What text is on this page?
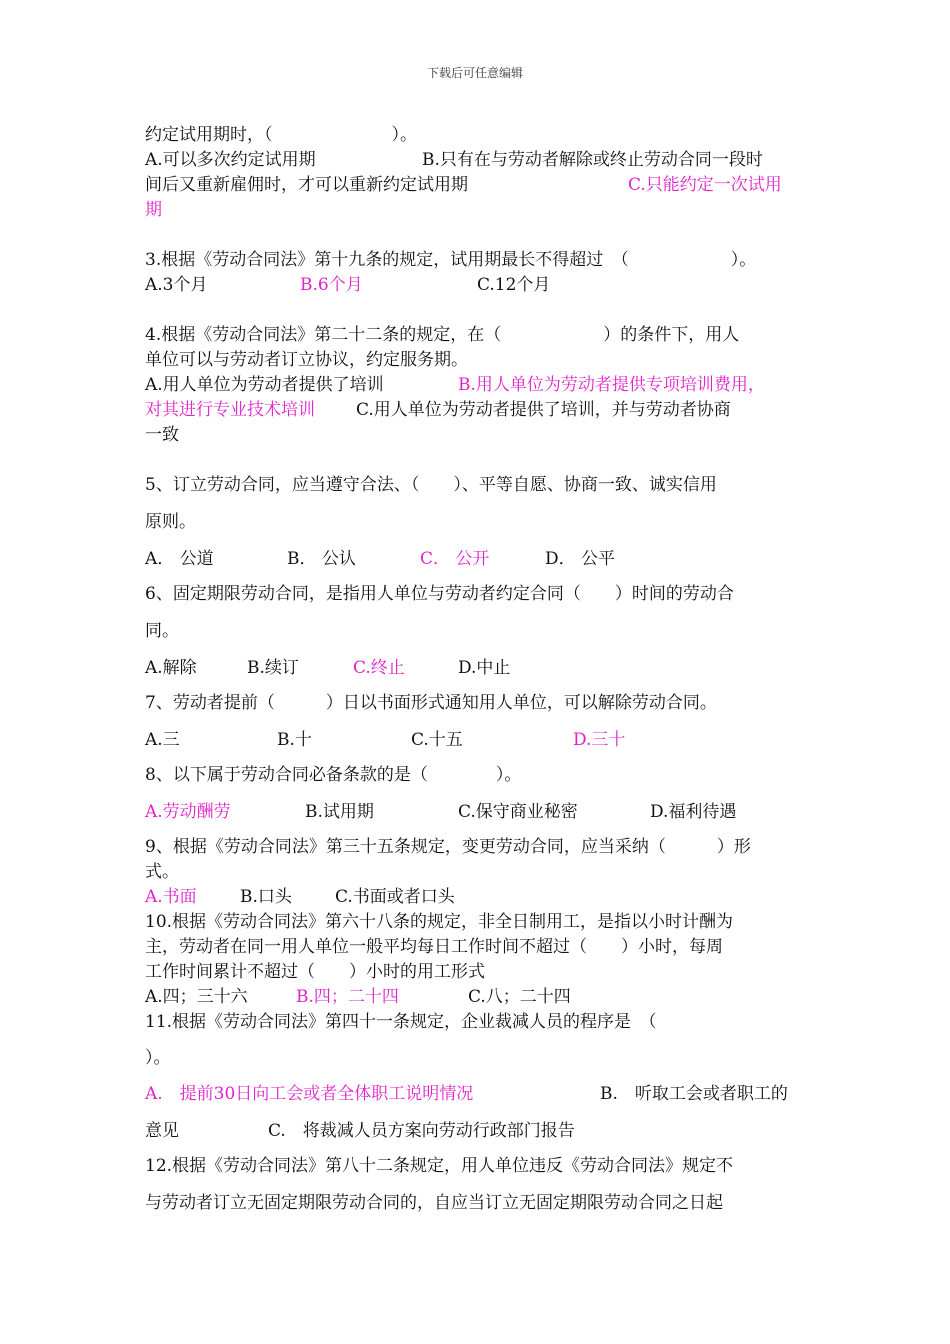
下载后可任意编辑
约定试用期时，（　　　　　　　）。
A.可以多次约定试用期	B.只有在与劳动者解除或终止劳动合同一段时
间后又重新雇佣时，才可以重新约定试用期	C.只能约定一次试用
期
3.根据《劳动合同法》第十九条的规定，试用期最长不得超过　（　　　　　　）。
A.3个月	B.6个月	C.12个月
4.根据《劳动合同法》第二十二条的规定，在（　　　　　　）的条件下，用人
单位可以与劳动者订立协议，约定服务期。
A.用人单位为劳动者提供了培训	B.用人单位为劳动者提供专项培训费用，
对其进行专业技术培训 C.用人单位为劳动者提供了培训，并与劳动者协商
一致
5、订立劳动合同，应当遵守合法、（　　）、平等自愿、协商一致、诚实信用
原则。
A． 公道	B． 公认	C． 公开	D． 公平
6、固定期限劳动合同，是指用人单位与劳动者约定合同（　　）时间的劳动合
同。
A.解除	B.续订	C.终止	D.中止
7、劳动者提前（　　　）日以书面形式通知用人单位，可以解除劳动合同。
A.三	B.十	C.十五	D.三十
8、以下属于劳动合同必备条款的是（　　　　）。
A.劳动酬劳	B.试用期	C.保守商业秘密	D.福利待遇
9、根据《劳动合同法》第三十五条规定，变更劳动合同，应当采纳（　　　）形
式。
A.书面	B.口头	C.书面或者口头
10.根据《劳动合同法》第六十八条的规定，非全日制用工，是指以小时计酬为
主，劳动者在同一用人单位一般平均每日工作时间不超过（　　）小时，每周
工作时间累计不超过（　　）小时的用工形式
A.四；三十六	B.四；二十四	C.八；二十四
11.根据《劳动合同法》第四十一条规定，企业裁减人员的程序是　（
）。
A.　提前30日向工会或者全体职工说明情况	B.　听取工会或者职工的
意见	C.　将裁减人员方案向劳动行政部门报告
12.根据《劳动合同法》第八十二条规定，用人单位违反《劳动合同法》规定不
与劳动者订立无固定期限劳动合同的，自应当订立无固定期限劳动合同之日起
